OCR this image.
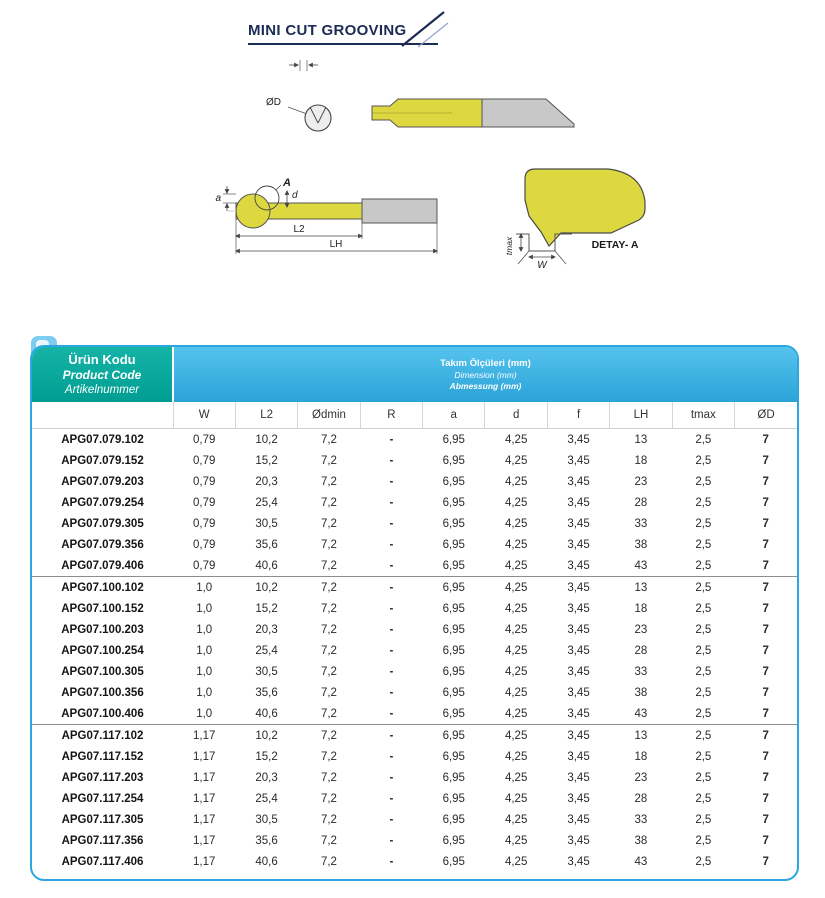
MINI CUT GROOVING
ØD
A
a	d
L2
LH	tmax
W
DETAY- A
Ürün Kodu
Product Code
Artikelnummer

Takım Ölçüleri (mm)
Dimension (mm)
Abmessung (mm)

	W	L2	Ødmin	R	a	d	f	LH	tmax	ØD
APG07.079.102	0,79	10,2	7,2	-	6,95	4,25	3,45	13	2,5	7
APG07.079.152	0,79	15,2	7,2	-	6,95	4,25	3,45	18	2,5	7
APG07.079.203	0,79	20,3	7,2	-	6,95	4,25	3,45	23	2,5	7
APG07.079.254	0,79	25,4	7,2	-	6,95	4,25	3,45	28	2,5	7
APG07.079.305	0,79	30,5	7,2	-	6,95	4,25	3,45	33	2,5	7
APG07.079.356	0,79	35,6	7,2	-	6,95	4,25	3,45	38	2,5	7
APG07.079.406	0,79	40,6	7,2	-	6,95	4,25	3,45	43	2,5	7
APG07.100.102	1,0	10,2	7,2	-	6,95	4,25	3,45	13	2,5	7
APG07.100.152	1,0	15,2	7,2	-	6,95	4,25	3,45	18	2,5	7
APG07.100.203	1,0	20,3	7,2	-	6,95	4,25	3,45	23	2,5	7
APG07.100.254	1,0	25,4	7,2	-	6,95	4,25	3,45	28	2,5	7
APG07.100.305	1,0	30,5	7,2	-	6,95	4,25	3,45	33	2,5	7
APG07.100.356	1,0	35,6	7,2	-	6,95	4,25	3,45	38	2,5	7
APG07.100.406	1,0	40,6	7,2	-	6,95	4,25	3,45	43	2,5	7
APG07.117.102	1,17	10,2	7,2	-	6,95	4,25	3,45	13	2,5	7
APG07.117.152	1,17	15,2	7,2	-	6,95	4,25	3,45	18	2,5	7
APG07.117.203	1,17	20,3	7,2	-	6,95	4,25	3,45	23	2,5	7
APG07.117.254	1,17	25,4	7,2	-	6,95	4,25	3,45	28	2,5	7
APG07.117.305	1,17	30,5	7,2	-	6,95	4,25	3,45	33	2,5	7
APG07.117.356	1,17	35,6	7,2	-	6,95	4,25	3,45	38	2,5	7
APG07.117.406	1,17	40,6	7,2	-	6,95	4,25	3,45	43	2,5	7
